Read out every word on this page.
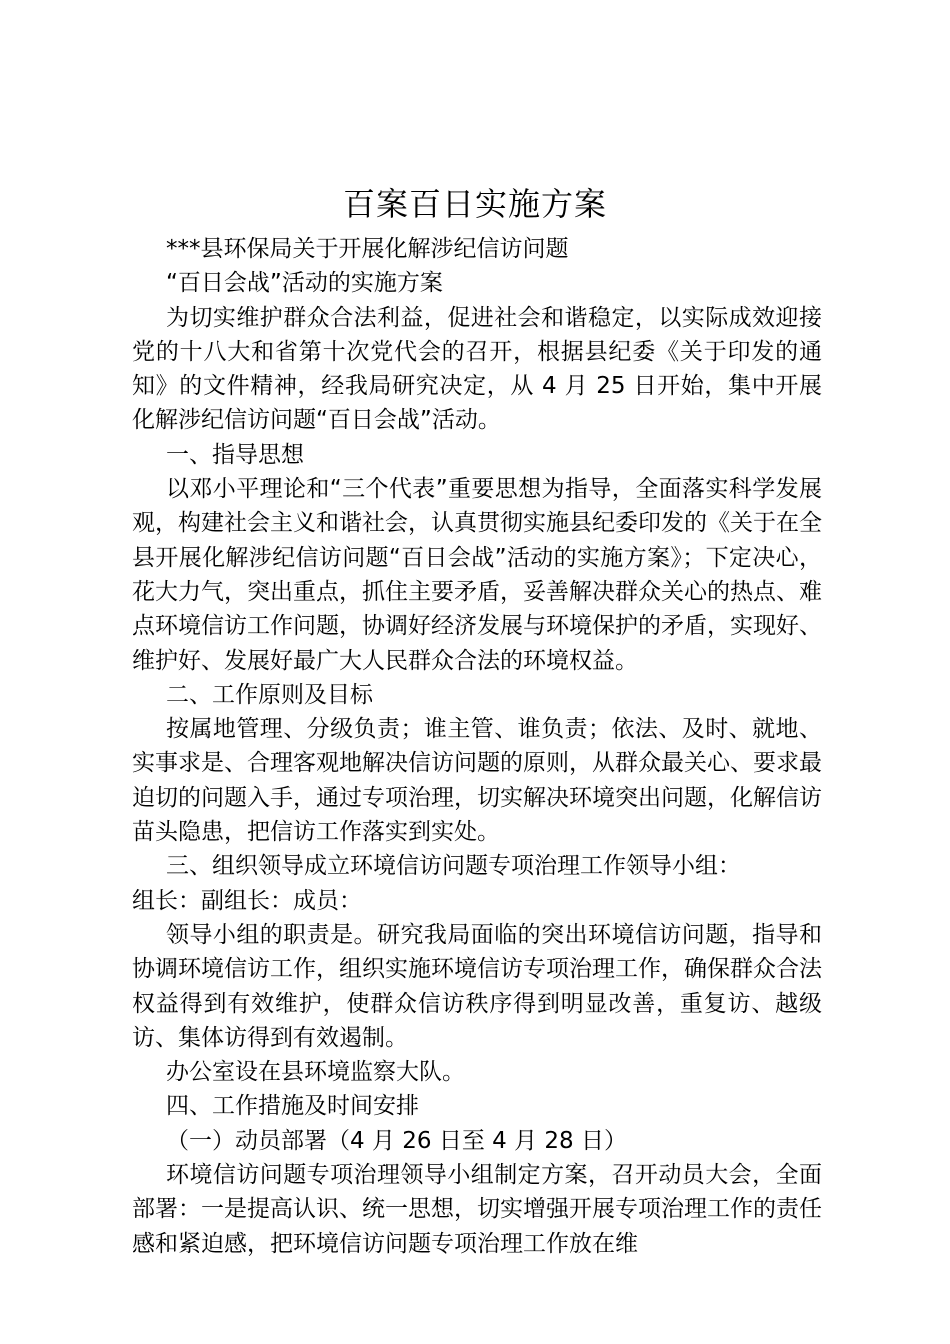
百案百日实施方案

***县环保局关于开展化解涉纪信访问题

“百日会战”活动的实施方案

为切实维护群众合法利益，促进社会和谐稳定，以实际成效迎接党的十八大和省第十次党代会的召开，根据县纪委《关于印发的通知》的文件精神，经我局研究决定，从 4 月 25 日开始，集中开展化解涉纪信访问题“百日会战”活动。

一、指导思想

以邓小平理论和“三个代表”重要思想为指导，全面落实科学发展观，构建社会主义和谐社会，认真贯彻实施县纪委印发的《关于在全县开展化解涉纪信访问题“百日会战”活动的实施方案》；下定决心，花大力气，突出重点，抓住主要矛盾，妥善解决群众关心的热点、难点环境信访工作问题，协调好经济发展与环境保护的矛盾，实现好、维护好、发展好最广大人民群众合法的环境权益。

二、工作原则及目标

按属地管理、分级负责；谁主管、谁负责；依法、及时、就地、实事求是、合理客观地解决信访问题的原则，从群众最关心、要求最迫切的问题入手，通过专项治理，切实解决环境突出问题，化解信访苗头隐患，把信访工作落实到实处。

三、组织领导成立环境信访问题专项治理工作领导小组：

组长：副组长：成员：

领导小组的职责是。研究我局面临的突出环境信访问题，指导和协调环境信访工作，组织实施环境信访专项治理工作，确保群众合法权益得到有效维护，使群众信访秩序得到明显改善，重复访、越级访、集体访得到有效遏制。

办公室设在县环境监察大队。

四、工作措施及时间安排

（一）动员部署（4 月 26 日至 4 月 28 日）

环境信访问题专项治理领导小组制定方案，召开动员大会，全面部署：一是提高认识、统一思想，切实增强开展专项治理工作的责任感和紧迫感，把环境信访问题专项治理工作放在维
